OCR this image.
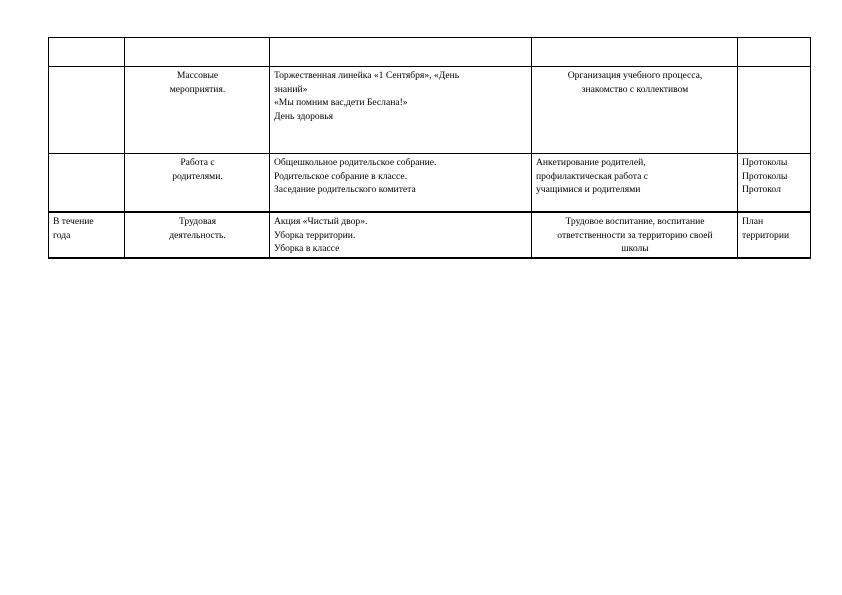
	Массовые
мероприятия.	Торжественная линейка «1 Сентября», «День
знаний»
«Мы помним вас,дети Беслана!»
День здоровья	Организация учебного процесса,
знакомство с коллективом	

	Работа с
родителями.	Общешкольное родительское собрание.
Родительское собрание в классе.
Заседание родительского комитета	Анкетирование родителей,
профилактическая работа с
учащимися и родителями	Протоколы
Протоколы
Протокол

В течение
года	Трудовая
деятельность.	Акция «Чистый двор».
Уборка территории.
Уборка в классе	Трудовое воспитание, воспитание
ответственности за территорию своей
школы	План
территории
